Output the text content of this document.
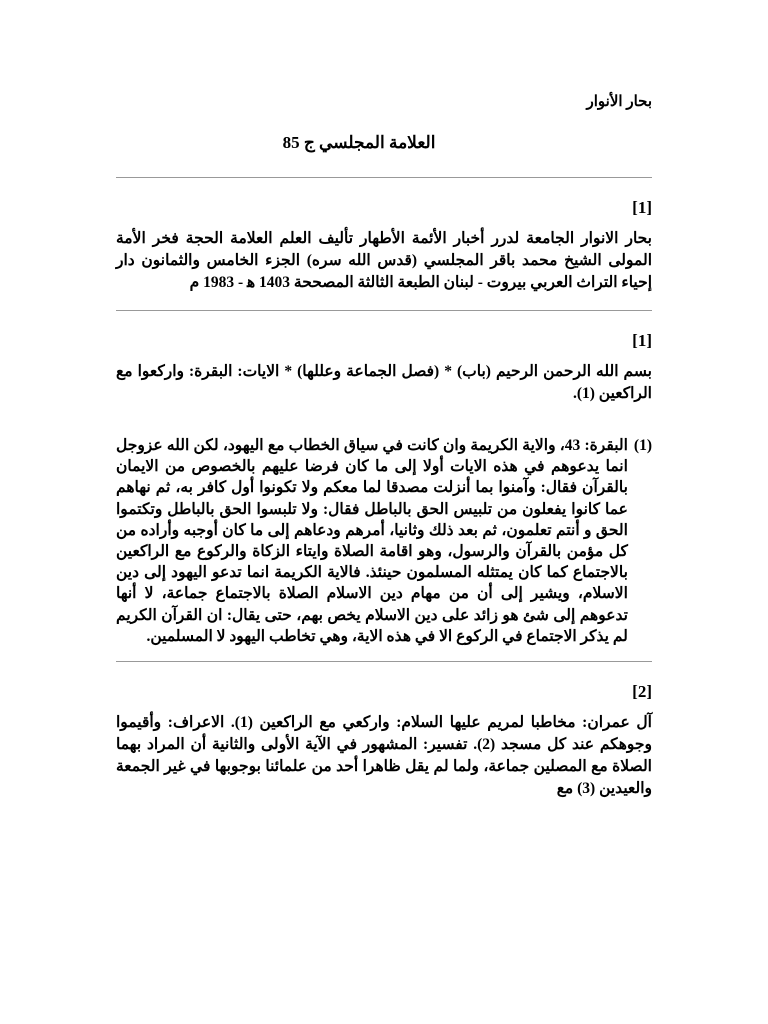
بحار الأنوار
العلامة المجلسي ج 85
[1]

بحار الانوار الجامعة لدرر أخبار الأئمة الأطهار تأليف العلم العلامة الحجة فخر الأمة المولى الشيخ محمد باقر المجلسي (قدس الله سره) الجزء الخامس والثمانون دار إحياء التراث العربي بيروت - لبنان الطبعة الثالثة المصححة 1403 ه‍ - 1983 م

[1]

بسم الله الرحمن الرحيم (باب) * (فصل الجماعة وعللها) * الايات: البقرة: واركعوا مع الراكعين (1).

(1)
البقرة: 43، والاية الكريمة وان كانت في سياق الخطاب مع اليهود، لكن الله عزوجل انما يدعوهم في هذه الايات أولا إلى ما كان فرضا عليهم بالخصوص من الايمان بالقرآن فقال: وآمنوا بما أنزلت مصدقا لما معكم ولا تكونوا أول كافر به، ثم نهاهم عما كانوا يفعلون من تلبيس الحق بالباطل فقال: ولا تلبسوا الحق بالباطل وتكتموا الحق و أنتم تعلمون، ثم بعد ذلك وثانيا، أمرهم ودعاهم إلى ما كان أوجبه وأراده من كل مؤمن بالقرآن والرسول، وهو اقامة الصلاة وايتاء الزكاة والركوع مع الراكعين بالاجتماع كما كان يمتثله المسلمون حينئذ. فالاية الكريمة انما تدعو اليهود إلى دين الاسلام، ويشير إلى أن من مهام دين الاسلام الصلاة بالاجتماع جماعة، لا أنها تدعوهم إلى شئ هو زائد على دين الاسلام يخص بهم، حتى يقال: ان القرآن الكريم لم يذكر الاجتماع في الركوع الا في هذه الاية، وهي تخاطب اليهود لا المسلمين.
[2]

آل عمران: مخاطبا لمريم عليها السلام: واركعي مع الراكعين (1). الاعراف: وأقيموا وجوهكم عند كل مسجد (2). تفسير: المشهور في الآية الأولى والثانية أن المراد بهما الصلاة مع المصلين جماعة، ولما لم يقل ظاهرا أحد من علمائنا بوجوبها في غير الجمعة والعيدين (3) مع
